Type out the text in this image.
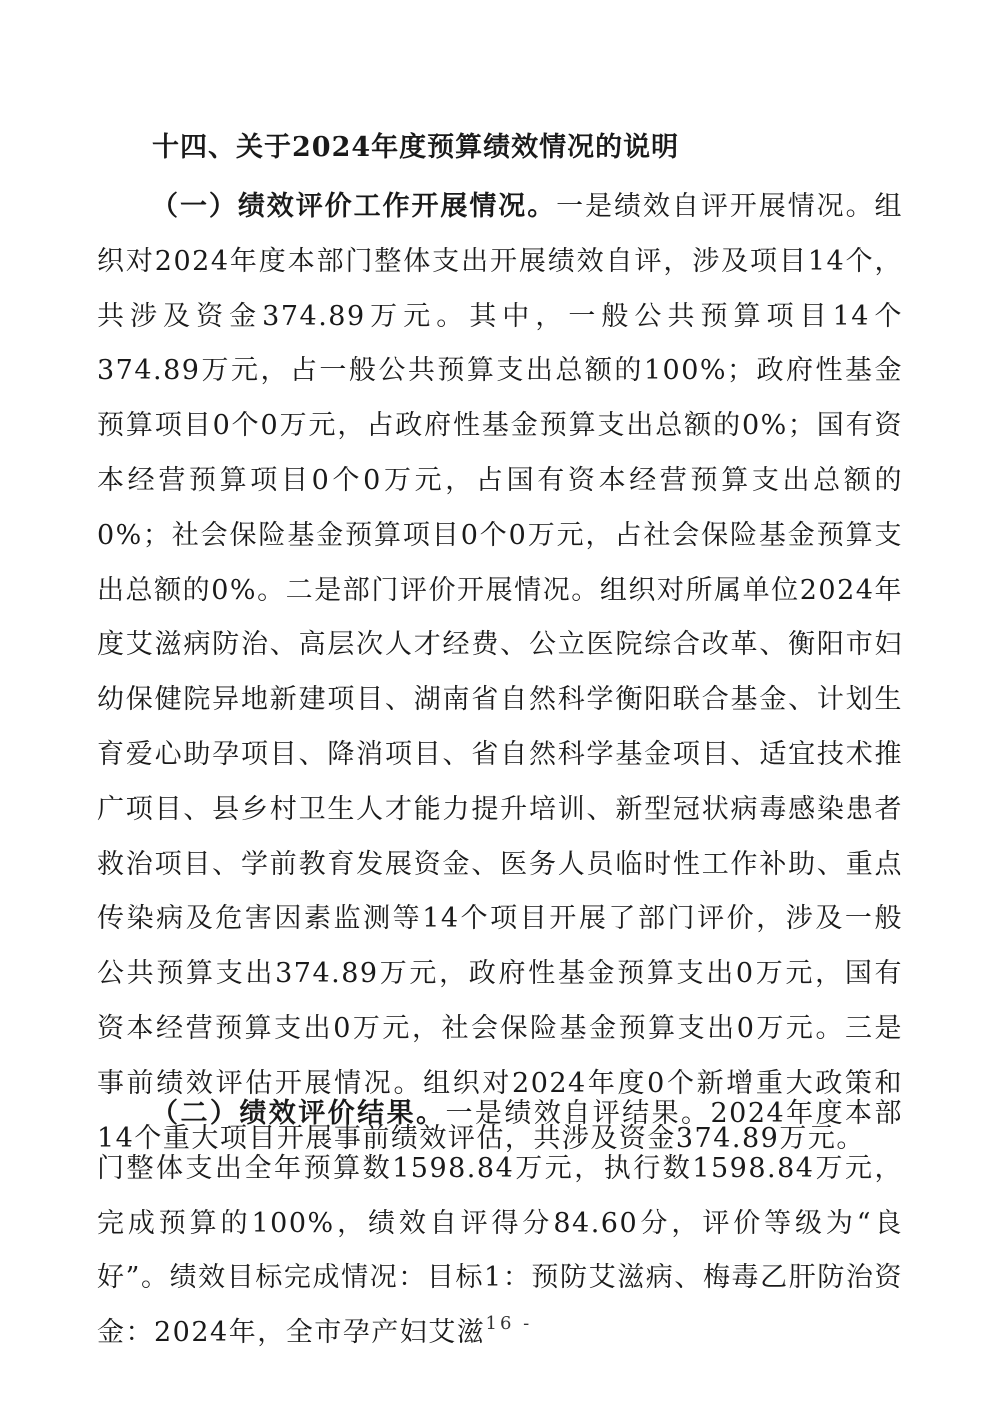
十四、关于2024年度预算绩效情况的说明

（一）绩效评价工作开展情况。一是绩效自评开展情况。组织对2024年度本部门整体支出开展绩效自评，涉及项目14个，共涉及资金374.89万元。其中，一般公共预算项目14个374.89万元，占一般公共预算支出总额的100%；政府性基金预算项目0个0万元，占政府性基金预算支出总额的0%；国有资本经营预算项目0个0万元，占国有资本经营预算支出总额的0%；社会保险基金预算项目0个0万元，占社会保险基金预算支出总额的0%。二是部门评价开展情况。组织对所属单位2024年度艾滋病防治、高层次人才经费、公立医院综合改革、衡阳市妇幼保健院异地新建项目、湖南省自然科学衡阳联合基金、计划生育爱心助孕项目、降消项目、省自然科学基金项目、适宜技术推广项目、县乡村卫生人才能力提升培训、新型冠状病毒感染患者救治项目、学前教育发展资金、医务人员临时性工作补助、重点传染病及危害因素监测等14个项目开展了部门评价，涉及一般公共预算支出374.89万元，政府性基金预算支出0万元，国有资本经营预算支出0万元，社会保险基金预算支出0万元。三是事前绩效评估开展情况。组织对2024年度0个新增重大政策和14个重大项目开展事前绩效评估，共涉及资金374.89万元。

（二）绩效评价结果。一是绩效自评结果。2024年度本部门整体支出全年预算数1598.84万元，执行数1598.84万元，完成预算的100%，绩效自评得分84.60分，评价等级为“良好”。绩效目标完成情况：目标1：预防艾滋病、梅毒乙肝防治资金：2024年，全市孕产妇艾滋

- 16 -
